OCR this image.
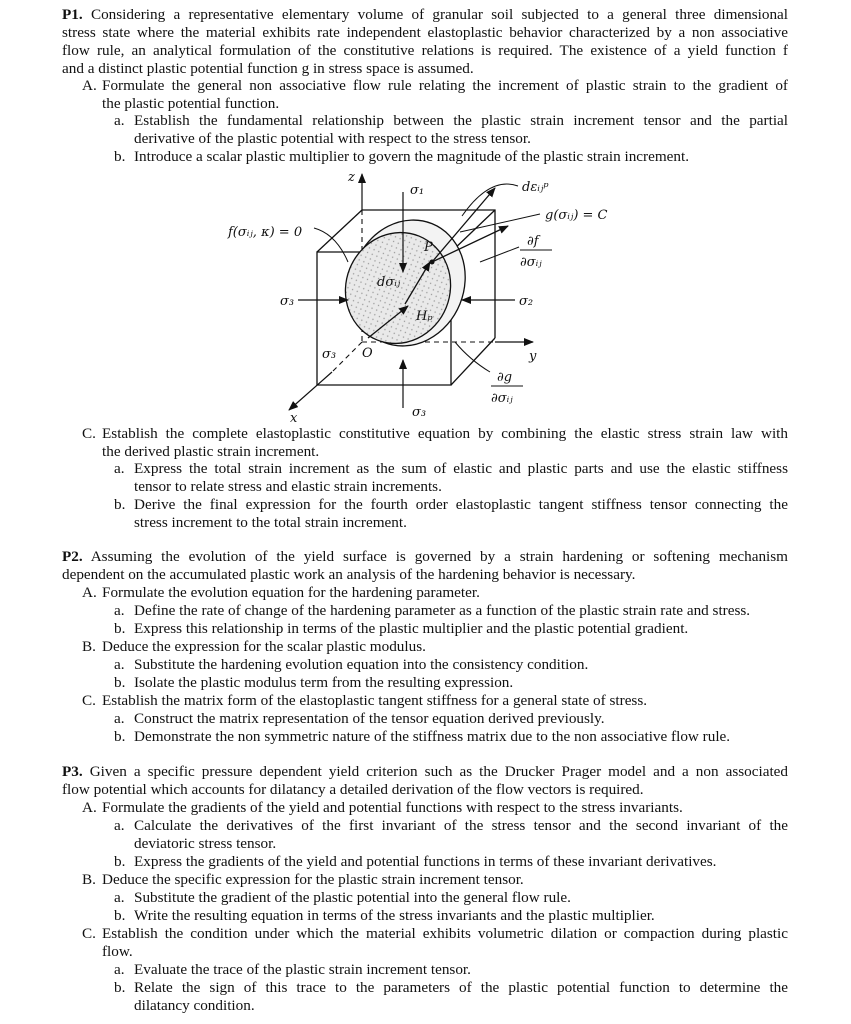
P1. Considering a representative elementary volume of granular soil subjected to a general three dimensional
stress state where the material exhibits rate independent elastoplastic behavior characterized by a non associative
flow rule, an analytical formulation of the constitutive relations is required. The existence of a yield function f
and a distinct plastic potential function g in stress space is assumed.
A. Formulate the general non associative flow rule relating the increment of plastic strain to the gradient of
the plastic potential function.
a. Establish the fundamental relationship between the plastic strain increment tensor and the partial
derivative of the plastic potential with respect to the stress tensor.
b. Introduce a scalar plastic multiplier to govern the magnitude of the plastic strain increment.
z
x
y
σ₁
σ₃
σ₃
σ₃
σ₂
O
P
dσᵢⱼ
Hₚ
f(σᵢⱼ, κ) = 0
g(σᵢⱼ) = C
dεᵢⱼᵖ
∂f
∂σᵢⱼ
∂g
∂σᵢⱼ
C. Establish the complete elastoplastic constitutive equation by combining the elastic stress strain law with
the derived plastic strain increment.
a. Express the total strain increment as the sum of elastic and plastic parts and use the elastic stiffness
tensor to relate stress and elastic strain increments.
b. Derive the final expression for the fourth order elastoplastic tangent stiffness tensor connecting the
stress increment to the total strain increment.
P2. Assuming the evolution of the yield surface is governed by a strain hardening or softening mechanism
dependent on the accumulated plastic work an analysis of the hardening behavior is necessary.
A. Formulate the evolution equation for the hardening parameter.
a. Define the rate of change of the hardening parameter as a function of the plastic strain rate and stress.
b. Express this relationship in terms of the plastic multiplier and the plastic potential gradient.
B. Deduce the expression for the scalar plastic modulus.
a. Substitute the hardening evolution equation into the consistency condition.
b. Isolate the plastic modulus term from the resulting expression.
C. Establish the matrix form of the elastoplastic tangent stiffness for a general state of stress.
a. Construct the matrix representation of the tensor equation derived previously.
b. Demonstrate the non symmetric nature of the stiffness matrix due to the non associative flow rule.
P3. Given a specific pressure dependent yield criterion such as the Drucker Prager model and a non associated
flow potential which accounts for dilatancy a detailed derivation of the flow vectors is required.
A. Formulate the gradients of the yield and potential functions with respect to the stress invariants.
a. Calculate the derivatives of the first invariant of the stress tensor and the second invariant of the
deviatoric stress tensor.
b. Express the gradients of the yield and potential functions in terms of these invariant derivatives.
B. Deduce the specific expression for the plastic strain increment tensor.
a. Substitute the gradient of the plastic potential into the general flow rule.
b. Write the resulting equation in terms of the stress invariants and the plastic multiplier.
C. Establish the condition under which the material exhibits volumetric dilation or compaction during plastic
flow.
a. Evaluate the trace of the plastic strain increment tensor.
b. Relate the sign of this trace to the parameters of the plastic potential function to determine the
dilatancy condition.
